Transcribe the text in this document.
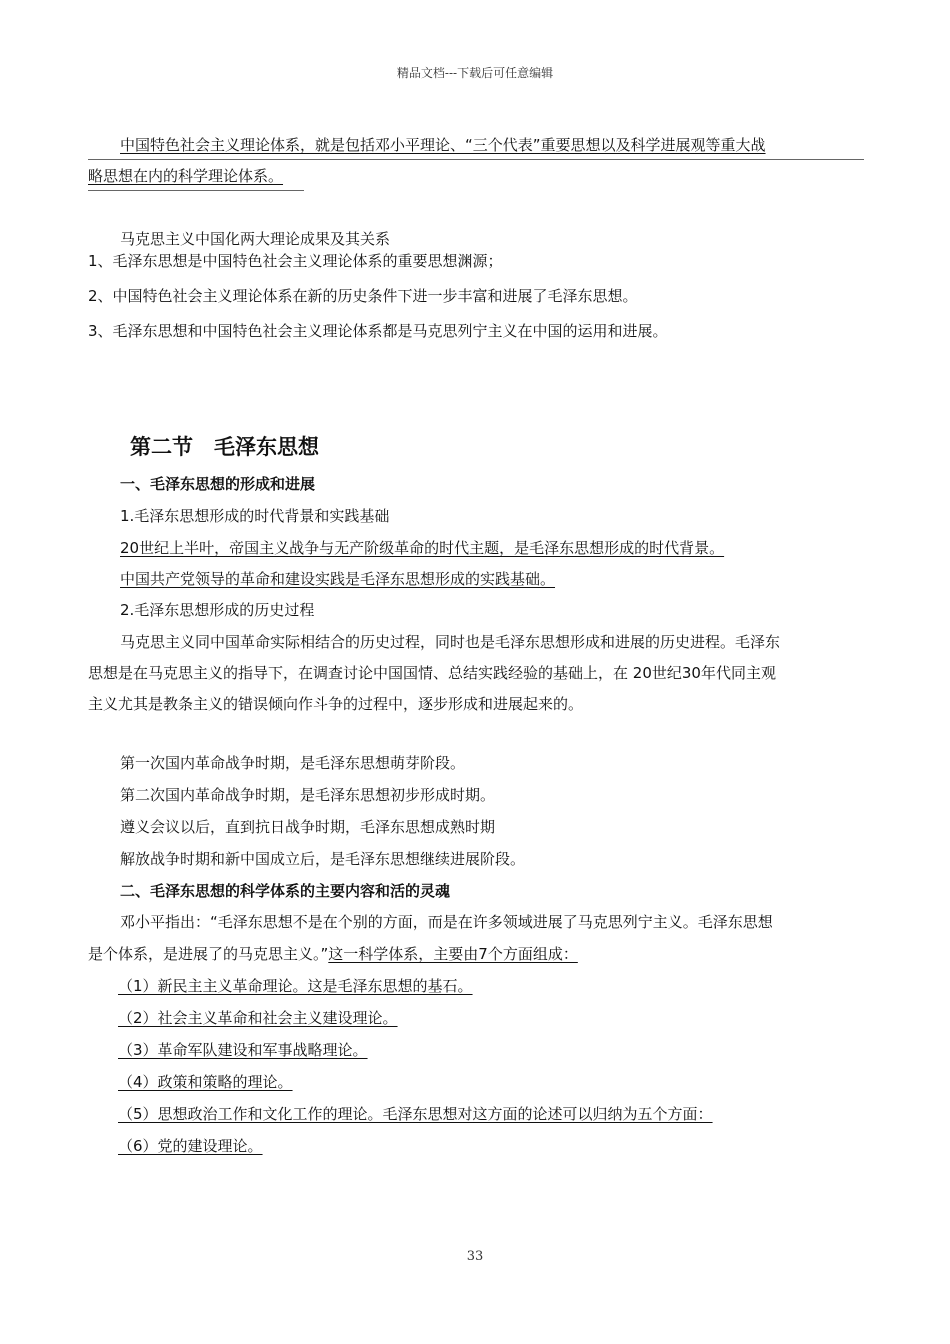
精品文档---下载后可任意编辑
中国特色社会主义理论体系，就是包括邓小平理论、“三个代表”重要思想以及科学进展观等重大战
略思想在内的科学理论体系。
马克思主义中国化两大理论成果及其关系
1、毛泽东思想是中国特色社会主义理论体系的重要思想渊源；
2、中国特色社会主义理论体系在新的历史条件下进一步丰富和进展了毛泽东思想。
3、毛泽东思想和中国特色社会主义理论体系都是马克思列宁主义在中国的运用和进展。
第二节　毛泽东思想
一、毛泽东思想的形成和进展
1.毛泽东思想形成的时代背景和实践基础
20世纪上半叶，帝国主义战争与无产阶级革命的时代主题，是毛泽东思想形成的时代背景。
中国共产党领导的革命和建设实践是毛泽东思想形成的实践基础。
2.毛泽东思想形成的历史过程
马克思主义同中国革命实际相结合的历史过程，同时也是毛泽东思想形成和进展的历史进程。毛泽东
思想是在马克思主义的指导下，在调查讨论中国国情、总结实践经验的基础上，在 20世纪30年代同主观
主义尤其是教条主义的错误倾向作斗争的过程中，逐步形成和进展起来的。
第一次国内革命战争时期，是毛泽东思想萌芽阶段。
第二次国内革命战争时期，是毛泽东思想初步形成时期。
遵义会议以后，直到抗日战争时期，毛泽东思想成熟时期
解放战争时期和新中国成立后，是毛泽东思想继续进展阶段。
二、毛泽东思想的科学体系的主要内容和活的灵魂
邓小平指出：“毛泽东思想不是在个别的方面，而是在许多领域进展了马克思列宁主义。毛泽东思想
是个体系，是进展了的马克思主义。”这一科学体系，主要由7个方面组成：
（1）新民主主义革命理论。这是毛泽东思想的基石。
（2）社会主义革命和社会主义建设理论。
（3）革命军队建设和军事战略理论。
（4）政策和策略的理论。
（5）思想政治工作和文化工作的理论。毛泽东思想对这方面的论述可以归纳为五个方面：
（6）党的建设理论。
33
